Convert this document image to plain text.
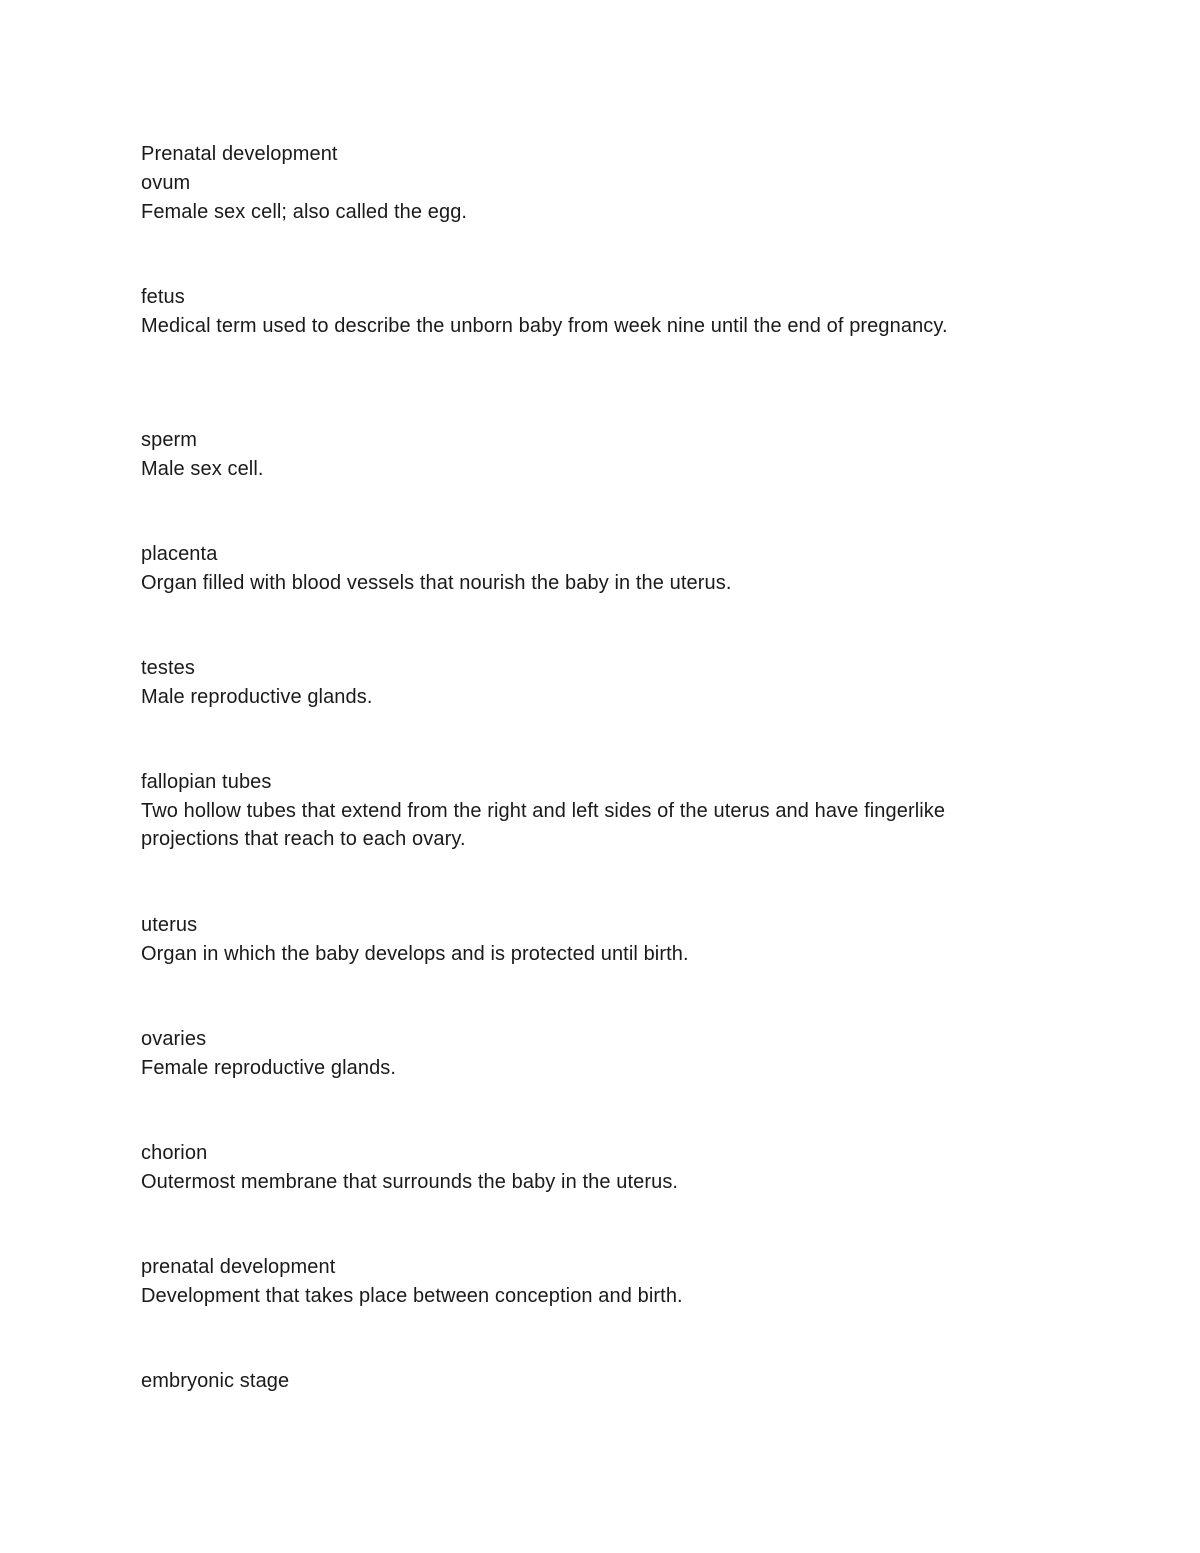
Prenatal development
ovum
Female sex cell; also called the egg.
fetus
Medical term used to describe the unborn baby from week nine until the end of pregnancy.
sperm
Male sex cell.
placenta
Organ filled with blood vessels that nourish the baby in the uterus.
testes
Male reproductive glands.
fallopian tubes
Two hollow tubes that extend from the right and left sides of the uterus and have fingerlike
projections that reach to each ovary.
uterus
Organ in which the baby develops and is protected until birth.
ovaries
Female reproductive glands.
chorion
Outermost membrane that surrounds the baby in the uterus.
prenatal development
Development that takes place between conception and birth.
embryonic stage
